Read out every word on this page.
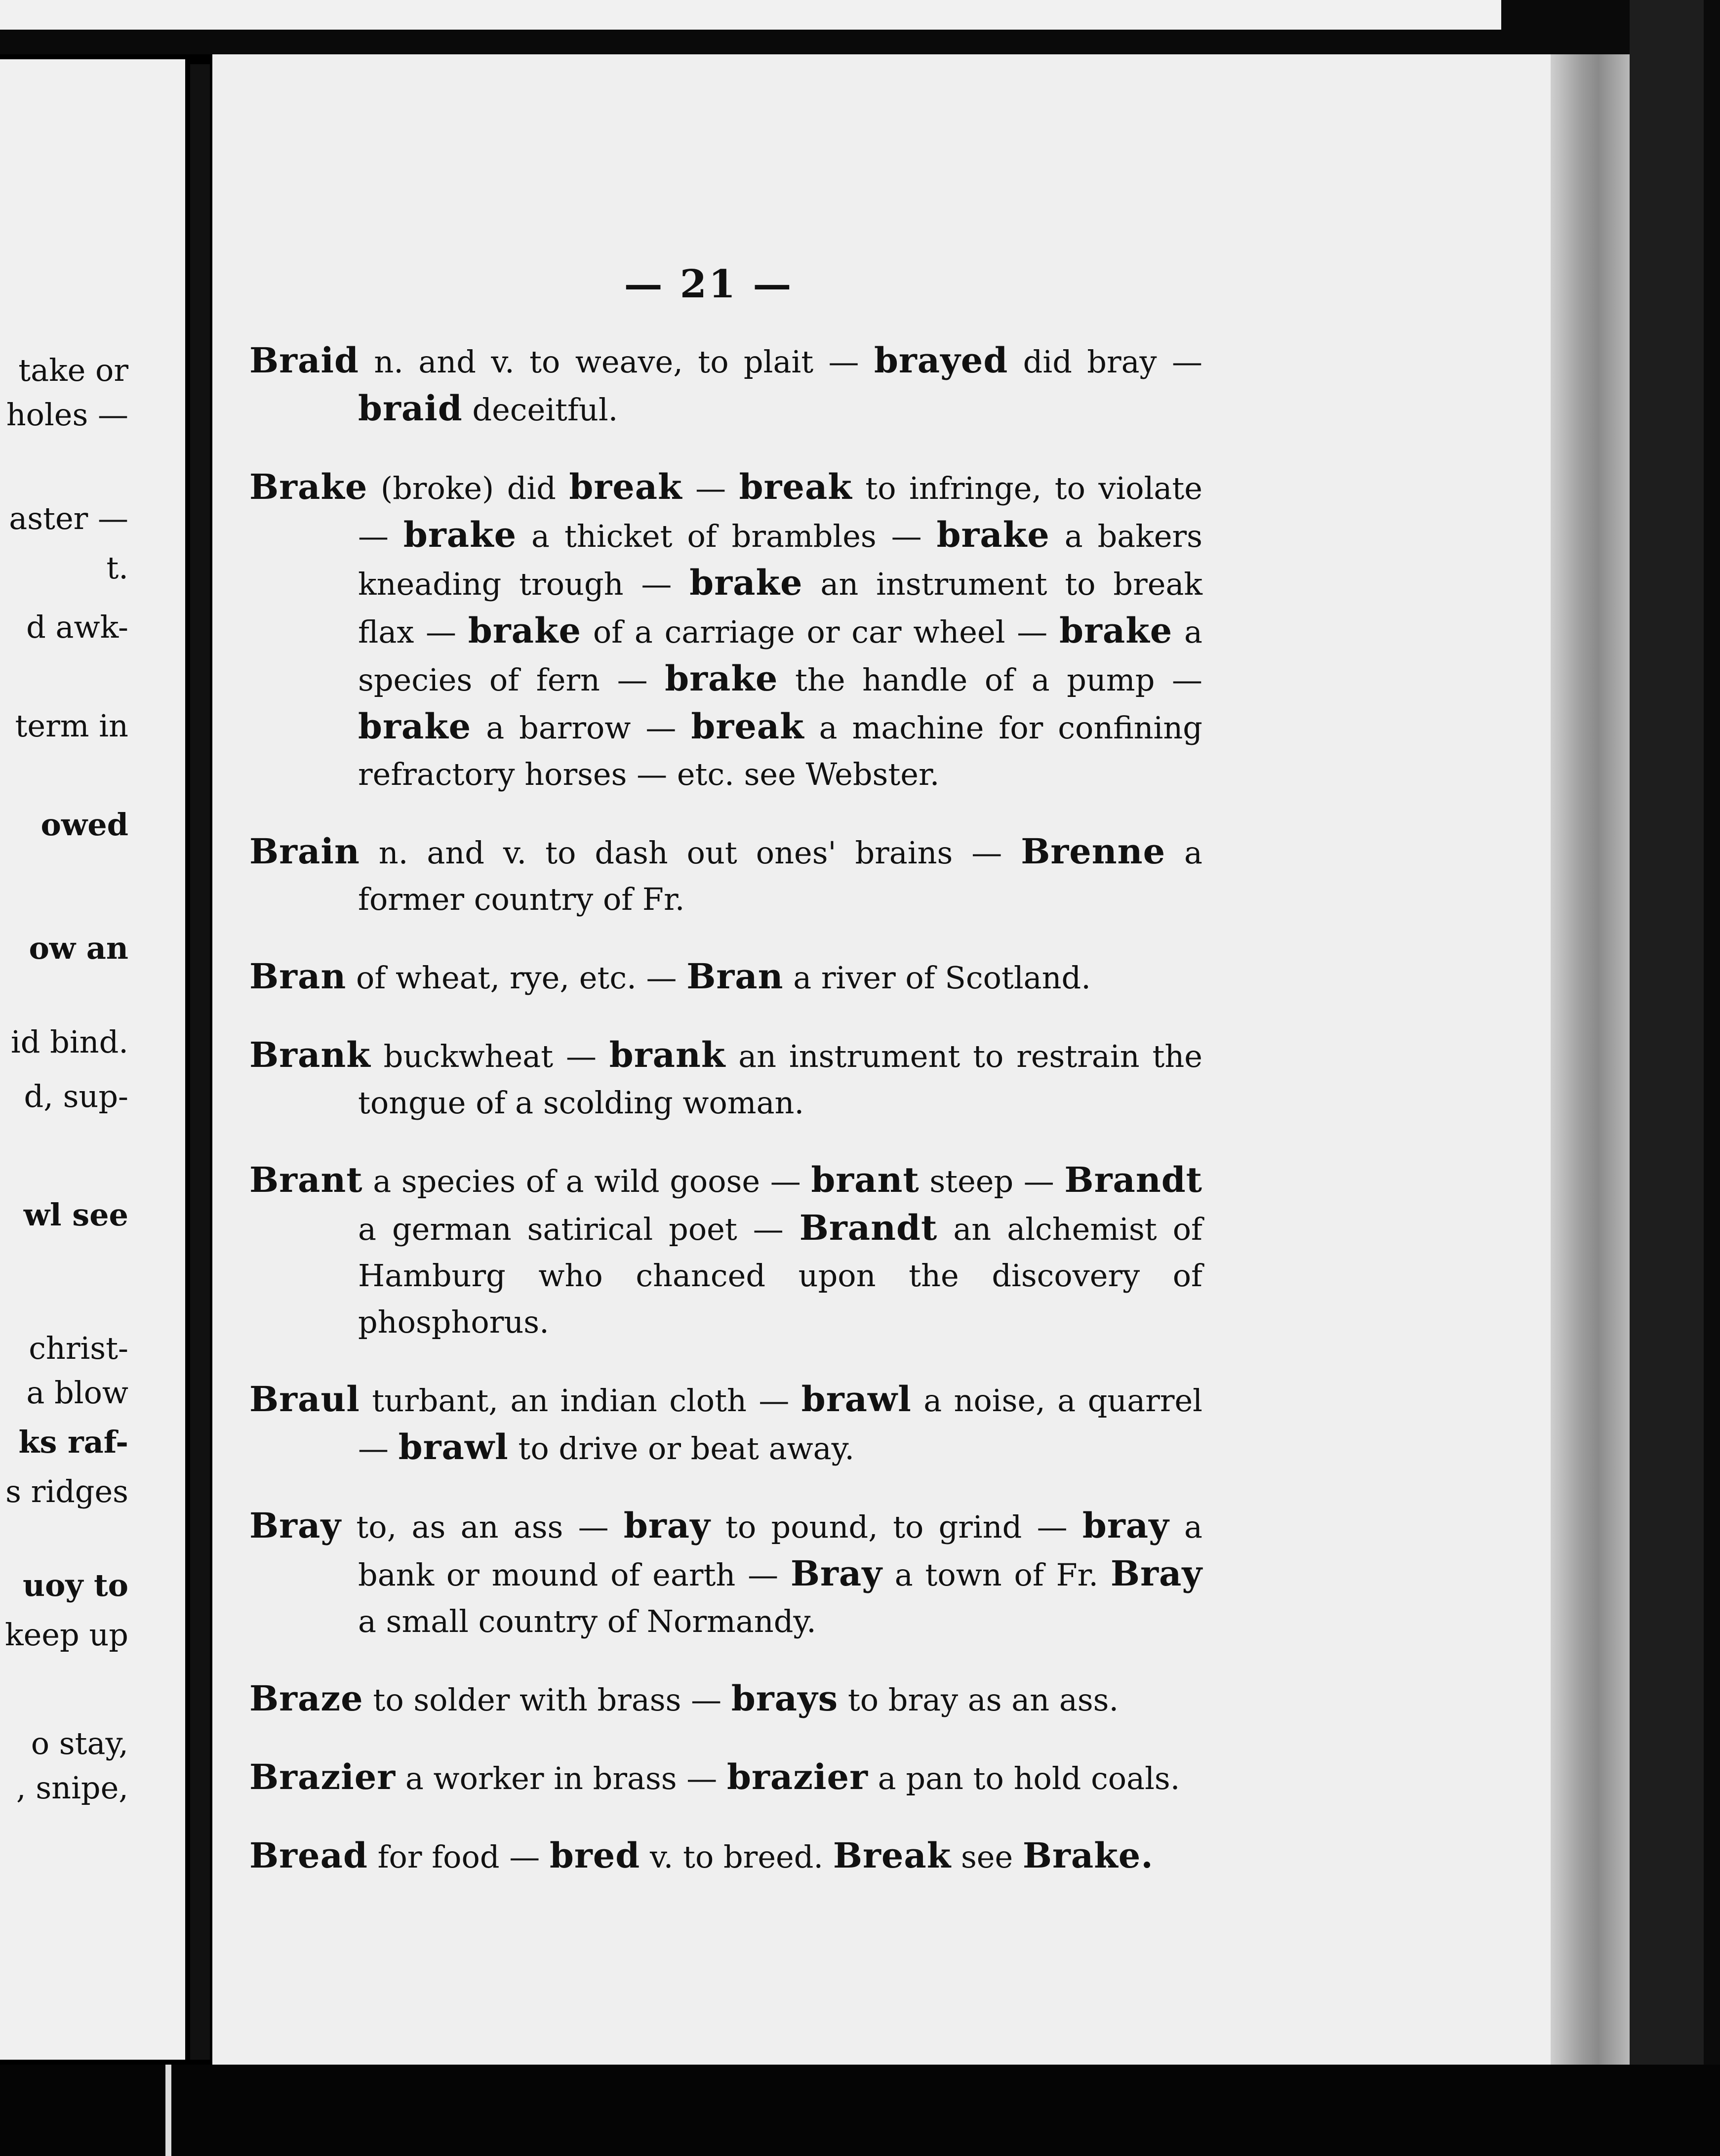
take or
holes —
aster —
t.
d awk-
term in
owed
ow an
id bind.
d, sup-
wl see
christ-
a blow
ks raf-
s ridges
uoy to
keep up
o stay,
, snipe,
— 21 —

Braid n. and v. to weave, to plait — brayed did bray — braid deceitful.

Brake (broke) did break — break to infringe, to violate — brake a thicket of brambles — brake a bakers kneading trough — brake an instrument to break flax — brake of a carriage or car wheel — brake a species of fern — brake the handle of a pump — brake a barrow — break a machine for confining refractory horses — etc. see Webster.

Brain n. and v. to dash out ones' brains — Brenne a former country of Fr.

Bran of wheat, rye, etc. — Bran a river of Scotland.

Brank buckwheat — brank an instrument to restrain the tongue of a scolding woman.

Brant a species of a wild goose — brant steep — Brandt a german satirical poet — Brandt an alchemist of Hamburg who chanced upon the discovery of phosphorus.

Braul turbant, an indian cloth — brawl a noise, a quarrel — brawl to drive or beat away.

Bray to, as an ass — bray to pound, to grind — bray a bank or mound of earth — Bray a town of Fr. Bray a small country of Normandy.

Braze to solder with brass — brays to bray as an ass.

Brazier a worker in brass — brazier a pan to hold coals.

Bread for food — bred v. to breed. Break see Brake.
